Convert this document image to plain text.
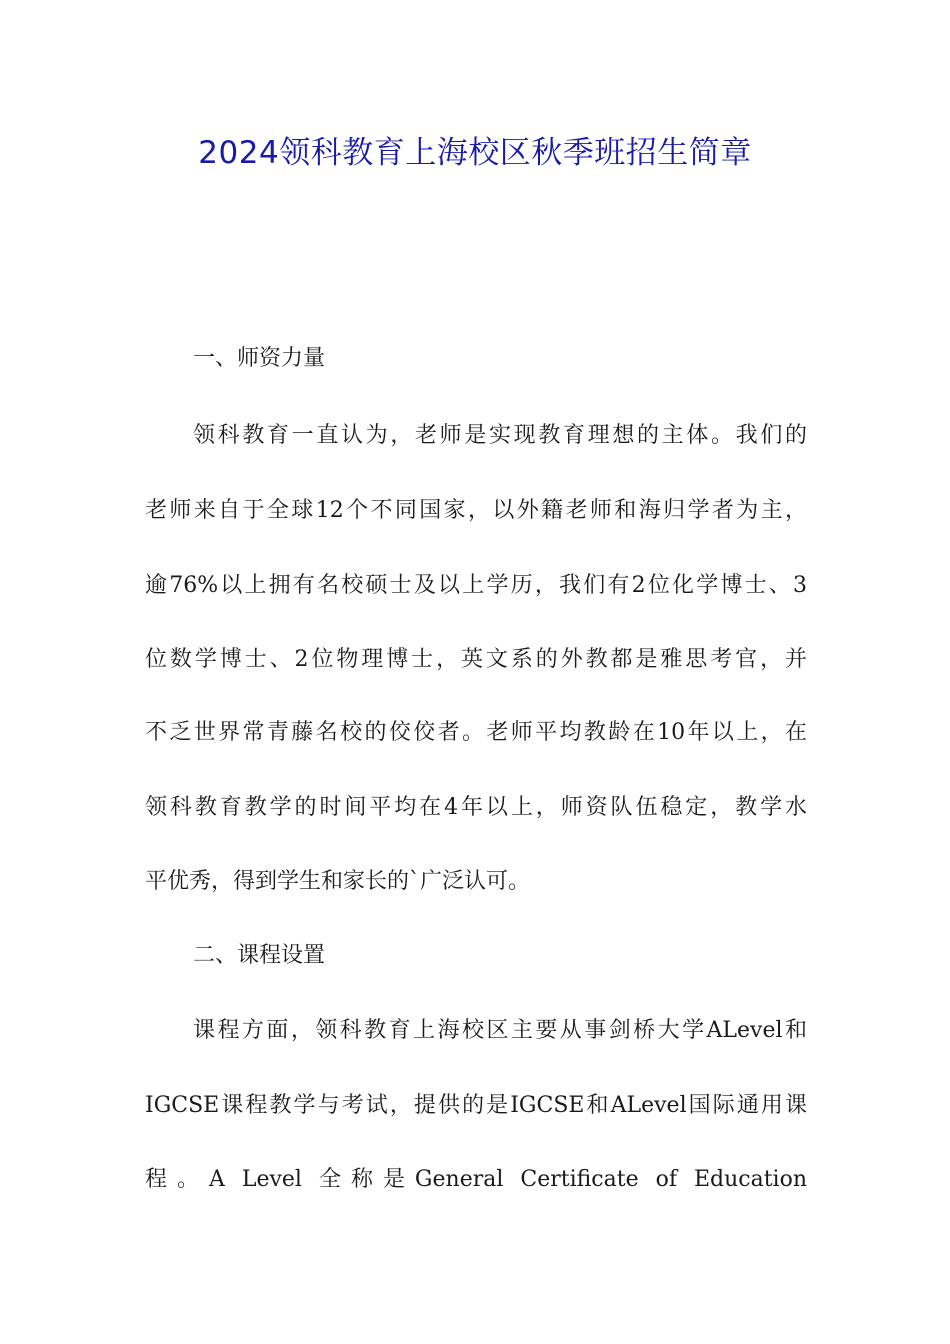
2024领科教育上海校区秋季班招生简章

一、师资力量

领科教育一直认为，老师是实现教育理想的主体。我们的

老师来自于全球12个不同国家，以外籍老师和海归学者为主，

逾76%以上拥有名校硕士及以上学历，我们有2位化学博士、3

位数学博士、2位物理博士，英文系的外教都是雅思考官，并

不乏世界常青藤名校的佼佼者。老师平均教龄在10年以上，在

领科教育教学的时间平均在4年以上，师资队伍稳定，教学水

平优秀，得到学生和家长的`广泛认可。

二、课程设置

课程方面，领科教育上海校区主要从事剑桥大学ALevel和

IGCSE课程教学与考试，提供的是IGCSE和ALevel国际通用课

程。A Level 全称是General Certificate of Education
